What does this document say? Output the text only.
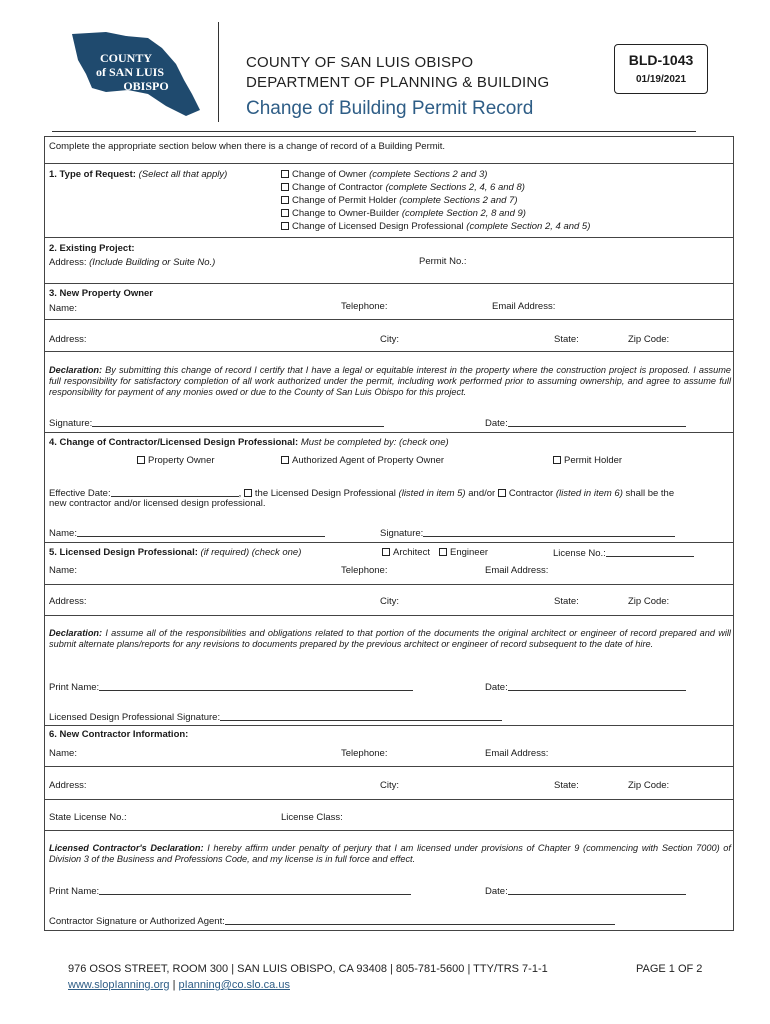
COUNTY
of SAN LUIS
OBISPO
COUNTY OF SAN LUIS OBISPO
DEPARTMENT OF PLANNING & BUILDING
Change of Building Permit Record
BLD-1043
01/19/2021
Complete the appropriate section below when there is a change of record of a Building Permit.
1. Type of Request: (Select all that apply)	Change of Owner (complete Sections 2 and 3)
Change of Contractor (complete Sections 2, 4, 6 and 8)
Change of Permit Holder (complete Sections 2 and 7)
Change to Owner-Builder (complete Section 2, 8 and 9)
Change of Licensed Design Professional (complete Section 2, 4 and 5)
2. Existing Project:
Address: (Include Building or Suite No.)	Permit No.:
3. New Property Owner
Name:	Telephone:	Email Address:
Address:	City:	State:	Zip Code:
Declaration: By submitting this change of record I certify that I have a legal or equitable interest in the property where the construction project is proposed. I assume full responsibility for satisfactory completion of all work authorized under the permit, including work performed prior to assuming ownership, and agree to assume full responsibility for payment of any monies owed or due to the County of San Luis Obispo for this project.
Signature:	Date:
4. Change of Contractor/Licensed Design Professional: Must be completed by: (check one)
Property Owner	Authorized Agent of Property Owner	Permit Holder
Effective Date:	, the Licensed Design Professional (listed in item 5) and/or Contractor (listed in item 6) shall be the
new contractor and/or licensed design professional.
Name:	Signature:
5. Licensed Design Professional: (if required) (check one)	Architect	Engineer	License No.:
Name:	Telephone:	Email Address:
Address:	City:	State:	Zip Code:
Declaration: I assume all of the responsibilities and obligations related to that portion of the documents the original architect or engineer of record prepared and will submit alternate plans/reports for any revisions to documents prepared by the previous architect or engineer of record subsequent to the date of hire.
Print Name:	Date:
Licensed Design Professional Signature:
6. New Contractor Information:
Name:	Telephone:	Email Address:
Address:	City:	State:	Zip Code:
State License No.:	License Class:
Licensed Contractor's Declaration: I hereby affirm under penalty of perjury that I am licensed under provisions of Chapter 9 (commencing with Section 7000) of Division 3 of the Business and Professions Code, and my license is in full force and effect.
Print Name:	Date:
Contractor Signature or Authorized Agent:
976 OSOS STREET, ROOM 300 | SAN LUIS OBISPO, CA 93408 | 805-781-5600 | TTY/TRS 7-1-1
www.slopIanning.org | pIanning@co.slo.ca.us
PAGE 1 OF 2
